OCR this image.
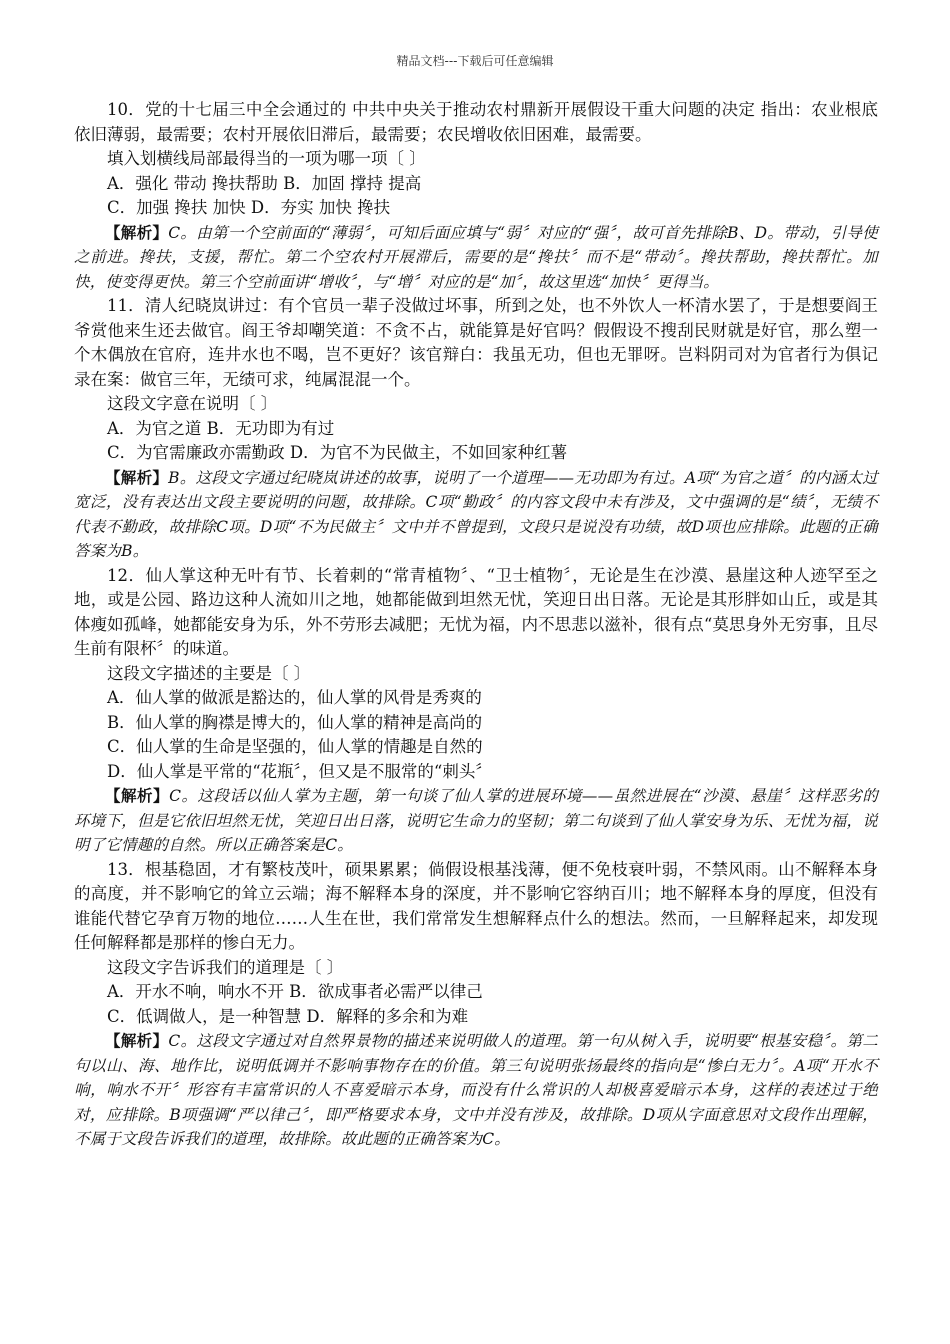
精品文档---下载后可任意编辑

10．党的十七届三中全会通过的 中共中央关于推动农村鼎新开展假设干重大问题的决定 指出：农业根底依旧薄弱，最需要；农村开展依旧滞后，最需要；农民增收依旧困难，最需要。

填入划横线局部最得当的一项为哪一项〔 〕

A．强化 带动 搀扶帮助 B．加固 撑持 提高

C．加强 搀扶 加快 D．夯实 加快 搀扶

【解析】C。由第一个空前面的“薄弱〞，可知后面应填与“弱〞对应的“强〞，故可首先排除B、D。带动，引导使之前进。搀扶，支援，帮忙。第二个空农村开展滞后，需要的是“搀扶〞而不是“带动〞。搀扶帮助，搀扶帮忙。加快，使变得更快。第三个空前面讲“增收〞，与“增〞对应的是“加〞，故这里选“加快〞更得当。

11．清人纪晓岚讲过：有个官员一辈子没做过坏事，所到之处，也不外饮人一杯清水罢了，于是想要阎王爷赏他来生还去做官。阎王爷却嘲笑道：不贪不占，就能算是好官吗？假假设不搜刮民财就是好官，那么塑一个木偶放在官府，连井水也不喝，岂不更好？该官辩白：我虽无功，但也无罪呀。岂料阴司对为官者行为俱记录在案：做官三年，无绩可求，纯属混混一个。

这段文字意在说明〔 〕

A．为官之道 B．无功即为有过

C．为官需廉政亦需勤政 D．为官不为民做主，不如回家种红薯

【解析】B。这段文字通过纪晓岚讲述的故事，说明了一个道理——无功即为有过。A项“为官之道〞的内涵太过宽泛，没有表达出文段主要说明的问题，故排除。C项“勤政〞的内容文段中未有涉及，文中强调的是“绩〞，无绩不代表不勤政，故排除C项。D项“不为民做主〞文中并不曾提到，文段只是说没有功绩，故D项也应排除。此题的正确答案为B。

12．仙人掌这种无叶有节、长着刺的“常青植物〞、“卫士植物〞，无论是生在沙漠、悬崖这种人迹罕至之地，或是公园、路边这种人流如川之地，她都能做到坦然无忧，笑迎日出日落。无论是其形胖如山丘，或是其体瘦如孤峰，她都能安身为乐，外不劳形去减肥；无忧为福，内不思悲以滋补，很有点“莫思身外无穷事，且尽生前有限杯〞的味道。

这段文字描述的主要是〔 〕

A．仙人掌的做派是豁达的，仙人掌的风骨是秀爽的

B．仙人掌的胸襟是博大的，仙人掌的精神是高尚的

C．仙人掌的生命是坚强的，仙人掌的情趣是自然的

D．仙人掌是平常的“花瓶〞，但又是不服常的“刺头〞

【解析】C。这段话以仙人掌为主题，第一句谈了仙人掌的进展环境——虽然进展在“沙漠、悬崖〞这样恶劣的环境下，但是它依旧坦然无忧，笑迎日出日落，说明它生命力的坚韧；第二句谈到了仙人掌安身为乐、无忧为福，说明了它情趣的自然。所以正确答案是C。

13．根基稳固，才有繁枝茂叶，硕果累累；倘假设根基浅薄，便不免枝衰叶弱，不禁风雨。山不解释本身的高度，并不影响它的耸立云端；海不解释本身的深度，并不影响它容纳百川；地不解释本身的厚度，但没有谁能代替它孕育万物的地位……人生在世，我们常常发生想解释点什么的想法。然而，一旦解释起来，却发现任何解释都是那样的惨白无力。

这段文字告诉我们的道理是〔 〕

A．开水不响，响水不开 B．欲成事者必需严以律己

C．低调做人，是一种智慧 D．解释的多余和为难

【解析】C。这段文字通过对自然界景物的描述来说明做人的道理。第一句从树入手，说明要“根基安稳〞。第二句以山、海、地作比，说明低调并不影响事物存在的价值。第三句说明张扬最终的指向是“惨白无力〞。A项“开水不响，响水不开〞形容有丰富常识的人不喜爱暗示本身，而没有什么常识的人却极喜爱暗示本身，这样的表述过于绝对，应排除。B项强调“严以律己〞，即严格要求本身，文中并没有涉及，故排除。D项从字面意思对文段作出理解，不属于文段告诉我们的道理，故排除。故此题的正确答案为C。
